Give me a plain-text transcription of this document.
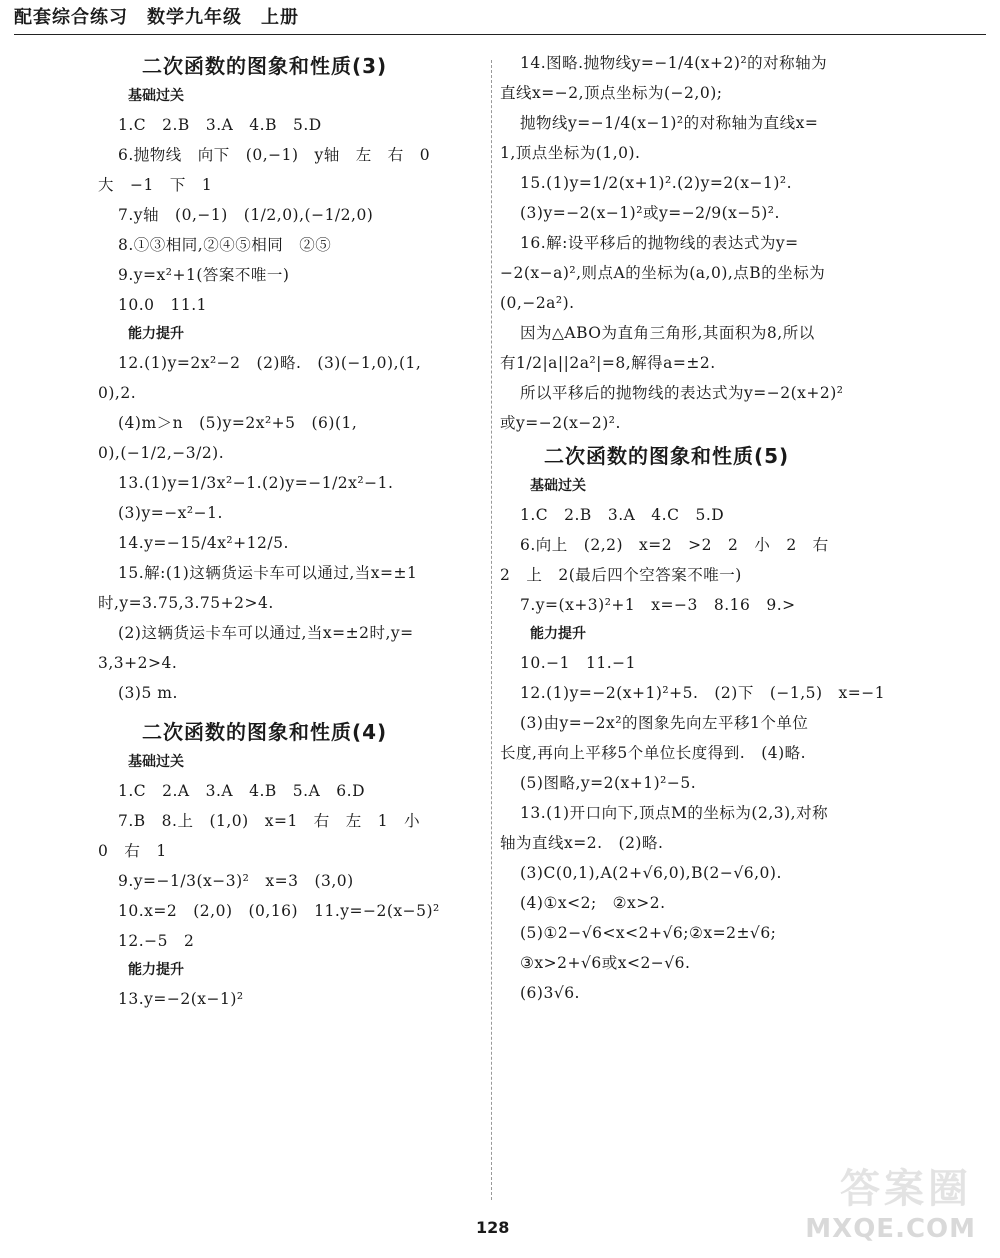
配套综合练习　数学九年级　上册
二次函数的图象和性质(3)
基础过关

1.C　2.B　3.A　4.B　5.D

6.抛物线　向下　(0,−1)　y轴　左　右　0

大　−1　下　1

7.y轴　(0,−1)　(1/2,0),(−1/2,0)

8.①③相同,②④⑤相同　②⑤

9.y=x²+1(答案不唯一)

10.0　11.1

能力提升

12.(1)y=2x²−2　(2)略.　(3)(−1,0),(1,

0),2.

(4)m＞n　(5)y=2x²+5　(6)(1,

0),(−1/2,−3/2).

13.(1)y=1/3x²−1.(2)y=−1/2x²−1.

(3)y=−x²−1.

14.y=−15/4x²+12/5.

15.解:(1)这辆货运卡车可以通过,当x=±1

时,y=3.75,3.75+2>4.

(2)这辆货运卡车可以通过,当x=±2时,y=

3,3+2>4.

(3)5 m.

二次函数的图象和性质(4)
基础过关

1.C　2.A　3.A　4.B　5.A　6.D

7.B　8.上　(1,0)　x=1　右　左　1　小

0　右　1

9.y=−1/3(x−3)²　x=3　(3,0)

10.x=2　(2,0)　(0,16)　11.y=−2(x−5)²

12.−5　2

能力提升

13.y=−2(x−1)²

14.图略.抛物线y=−1/4(x+2)²的对称轴为

直线x=−2,顶点坐标为(−2,0);

抛物线y=−1/4(x−1)²的对称轴为直线x=

1,顶点坐标为(1,0).

15.(1)y=1/2(x+1)².(2)y=2(x−1)².

(3)y=−2(x−1)²或y=−2/9(x−5)².

16.解:设平移后的抛物线的表达式为y=

−2(x−a)²,则点A的坐标为(a,0),点B的坐标为

(0,−2a²).

因为△ABO为直角三角形,其面积为8,所以

有1/2|a||2a²|=8,解得a=±2.

所以平移后的抛物线的表达式为y=−2(x+2)²

或y=−2(x−2)².

二次函数的图象和性质(5)
基础过关

1.C　2.B　3.A　4.C　5.D

6.向上　(2,2)　x=2　>2　2　小　2　右

2　上　2(最后四个空答案不唯一)

7.y=(x+3)²+1　x=−3　8.16　9.>

能力提升

10.−1　11.−1

12.(1)y=−2(x+1)²+5.　(2)下　(−1,5)　x=−1

(3)由y=−2x²的图象先向左平移1个单位

长度,再向上平移5个单位长度得到.　(4)略.

(5)图略,y=2(x+1)²−5.

13.(1)开口向下,顶点M的坐标为(2,3),对称

轴为直线x=2.　(2)略.

(3)C(0,1),A(2+√6,0),B(2−√6,0).

(4)①x<2;　②x>2.

(5)①2−√6<x<2+√6;②x=2±√6;

③x>2+√6或x<2−√6.

(6)3√6.

128
答案圈
MXQE.COM
